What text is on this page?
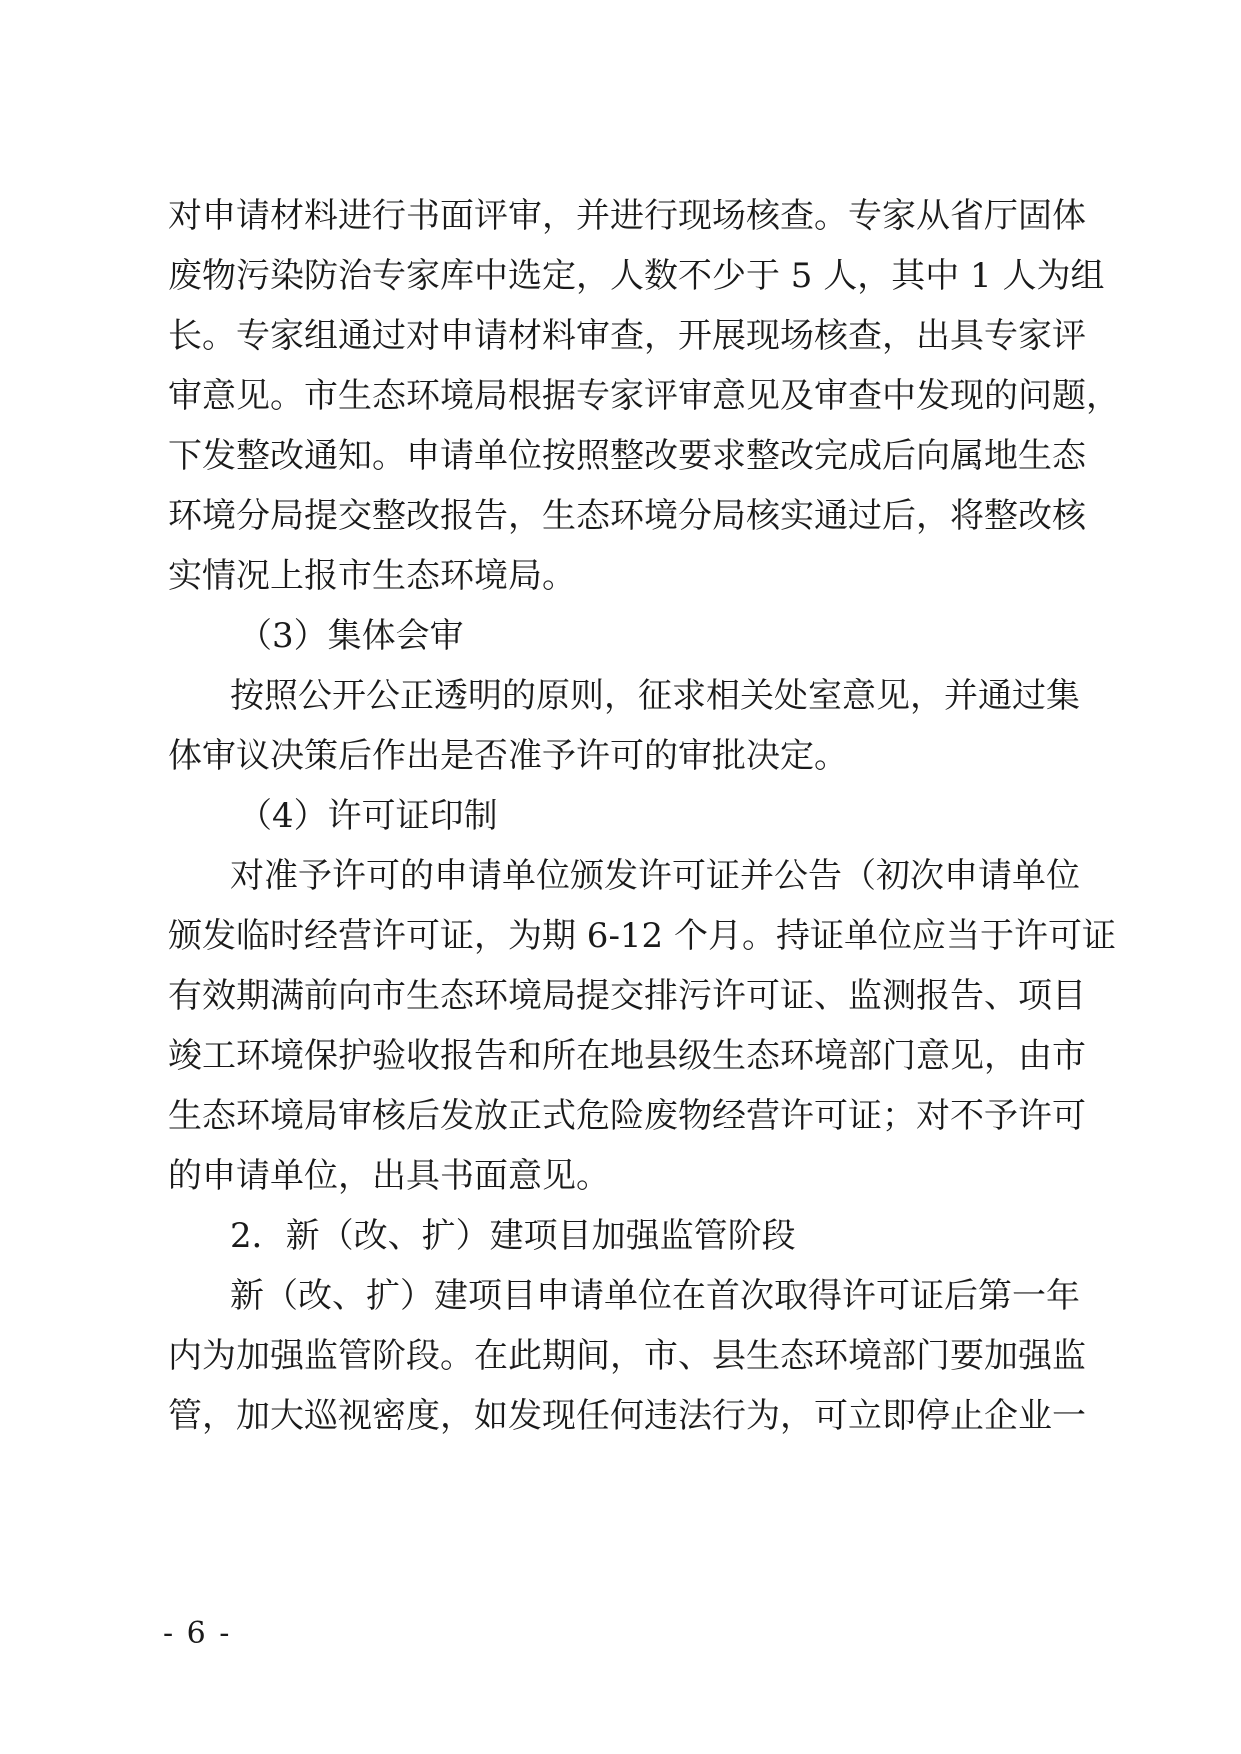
对申请材料进行书面评审，并进行现场核查。专家从省厅固体
废物污染防治专家库中选定，人数不少于 5 人，其中 1 人为组
长。专家组通过对申请材料审查，开展现场核查，出具专家评
审意见。市生态环境局根据专家评审意见及审查中发现的问题，
下发整改通知。申请单位按照整改要求整改完成后向属地生态
环境分局提交整改报告，生态环境分局核实通过后，将整改核
实情况上报市生态环境局。
（3）集体会审
按照公开公正透明的原则，征求相关处室意见，并通过集
体审议决策后作出是否准予许可的审批决定。
（4）许可证印制
对准予许可的申请单位颁发许可证并公告（初次申请单位
颁发临时经营许可证，为期 6-12 个月。持证单位应当于许可证
有效期满前向市生态环境局提交排污许可证、监测报告、项目
竣工环境保护验收报告和所在地县级生态环境部门意见，由市
生态环境局审核后发放正式危险废物经营许可证；对不予许可
的申请单位，出具书面意见。
2．新（改、扩）建项目加强监管阶段
新（改、扩）建项目申请单位在首次取得许可证后第一年
内为加强监管阶段。在此期间，市、县生态环境部门要加强监
管，加大巡视密度，如发现任何违法行为，可立即停止企业一
- 6 -
